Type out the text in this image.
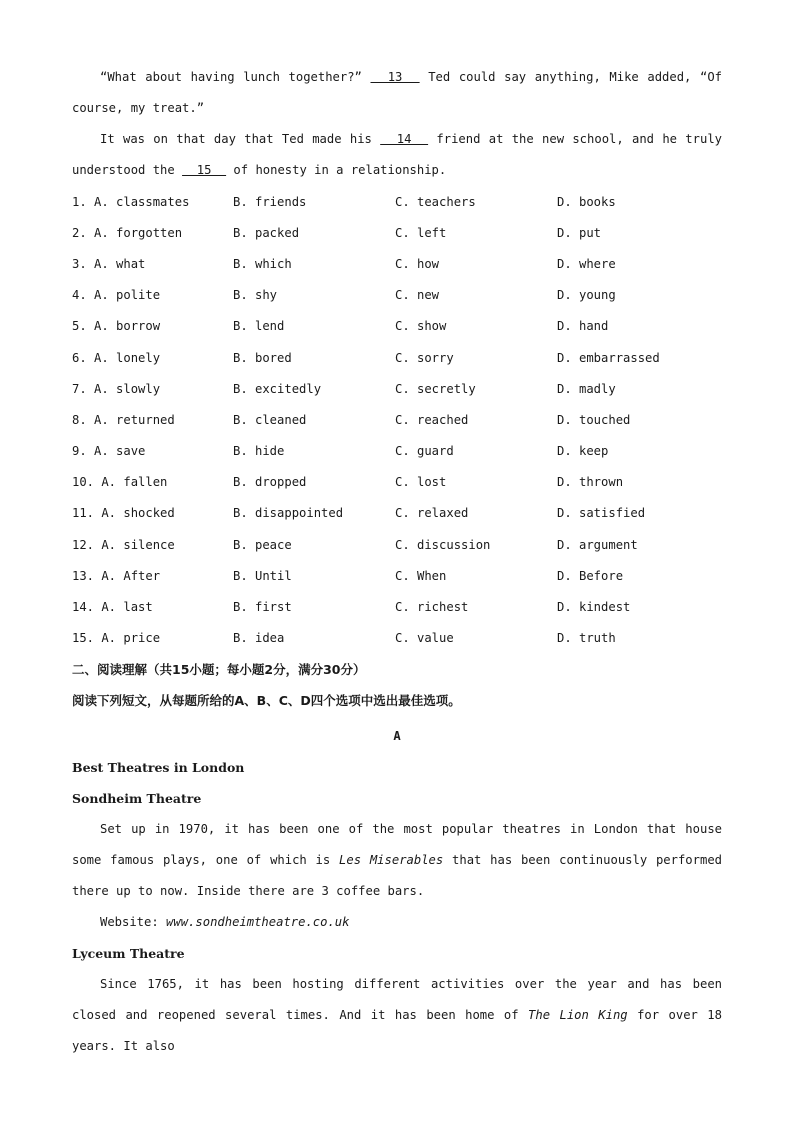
“What about having lunch together?”   13   Ted could say anything, Mike added, “Of course, my treat.”

It was on that day that Ted made his   14   friend at the new school, and he truly understood the   15   of honesty in a relationship.

1. A. classmates	B. friends	C. teachers	D. books
2. A. forgotten	B. packed	C. left	D. put
3. A. what	B. which	C. how	D. where
4. A. polite	B. shy	C. new	D. young
5. A. borrow	B. lend	C. show	D. hand
6. A. lonely	B. bored	C. sorry	D. embarrassed
7. A. slowly	B. excitedly	C. secretly	D. madly
8. A. returned	B. cleaned	C. reached	D. touched
9. A. save	B. hide	C. guard	D. keep
10. A. fallen	B. dropped	C. lost	D. thrown
11. A. shocked	B. disappointed	C. relaxed	D. satisfied
12. A. silence	B. peace	C. discussion	D. argument
13. A. After	B. Until	C. When	D. Before
14. A. last	B. first	C. richest	D. kindest
15. A. price	B. idea	C. value	D. truth
二、阅读理解（共15小题；每小题2分，满分30分）
阅读下列短文，从每题所给的A、B、C、D四个选项中选出最佳选项。
A
Best Theatres in London
Sondheim Theatre

Set up in 1970, it has been one of the most popular theatres in London that house some famous plays, one of which is Les Miserables that has been continuously performed there up to now. Inside there are 3 coffee bars.

Website: www.sondheimtheatre.co.uk
Lyceum Theatre

Since 1765, it has been hosting different activities over the year and has been closed and reopened several times. And it has been home of The Lion King for over 18 years. It also
